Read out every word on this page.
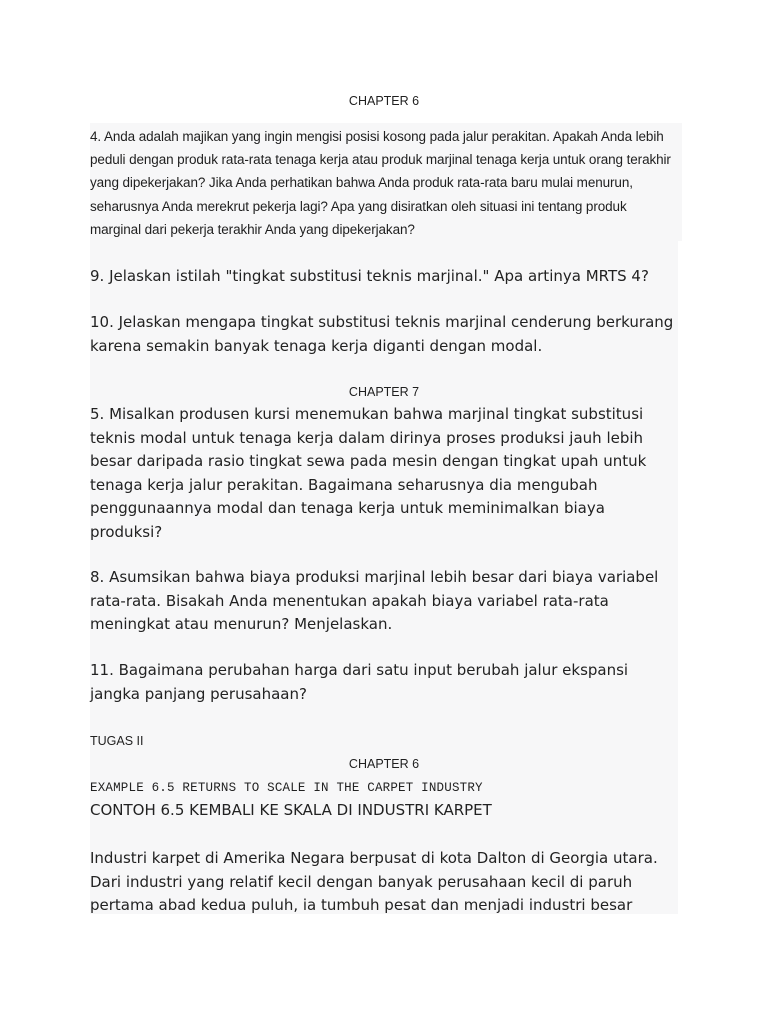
CHAPTER 6

4. Anda adalah majikan yang ingin mengisi posisi kosong pada jalur perakitan. Apakah Anda lebih peduli dengan produk rata-rata tenaga kerja atau produk marjinal tenaga kerja untuk orang terakhir yang dipekerjakan? Jika Anda perhatikan bahwa Anda produk rata-rata baru mulai menurun, seharusnya Anda merekrut pekerja lagi? Apa yang disiratkan oleh situasi ini tentang produk marginal dari pekerja terakhir Anda yang dipekerjakan?

9. Jelaskan istilah "tingkat substitusi teknis marjinal." Apa artinya MRTS 4?

10. Jelaskan mengapa tingkat substitusi teknis marjinal cenderung berkurang karena semakin banyak tenaga kerja diganti dengan modal.

CHAPTER 7

5. Misalkan produsen kursi menemukan bahwa marjinal tingkat substitusi teknis modal untuk tenaga kerja dalam dirinya proses produksi jauh lebih besar daripada rasio tingkat sewa pada mesin dengan tingkat upah untuk tenaga kerja jalur perakitan. Bagaimana seharusnya dia mengubah penggunaannya modal dan tenaga kerja untuk meminimalkan biaya produksi?

8. Asumsikan bahwa biaya produksi marjinal lebih besar dari biaya variabel rata-rata. Bisakah Anda menentukan apakah biaya variabel rata-rata meningkat atau menurun? Menjelaskan.

11. Bagaimana perubahan harga dari satu input berubah jalur ekspansi jangka panjang perusahaan?

TUGAS II

CHAPTER 6

EXAMPLE 6.5 RETURNS TO SCALE IN THE CARPET INDUSTRY

CONTOH 6.5 KEMBALI KE SKALA DI INDUSTRI KARPET

Industri karpet di Amerika Negara berpusat di kota Dalton di Georgia utara. Dari industri yang relatif kecil dengan banyak perusahaan kecil di paruh pertama abad kedua puluh, ia tumbuh pesat dan menjadi industri besar
